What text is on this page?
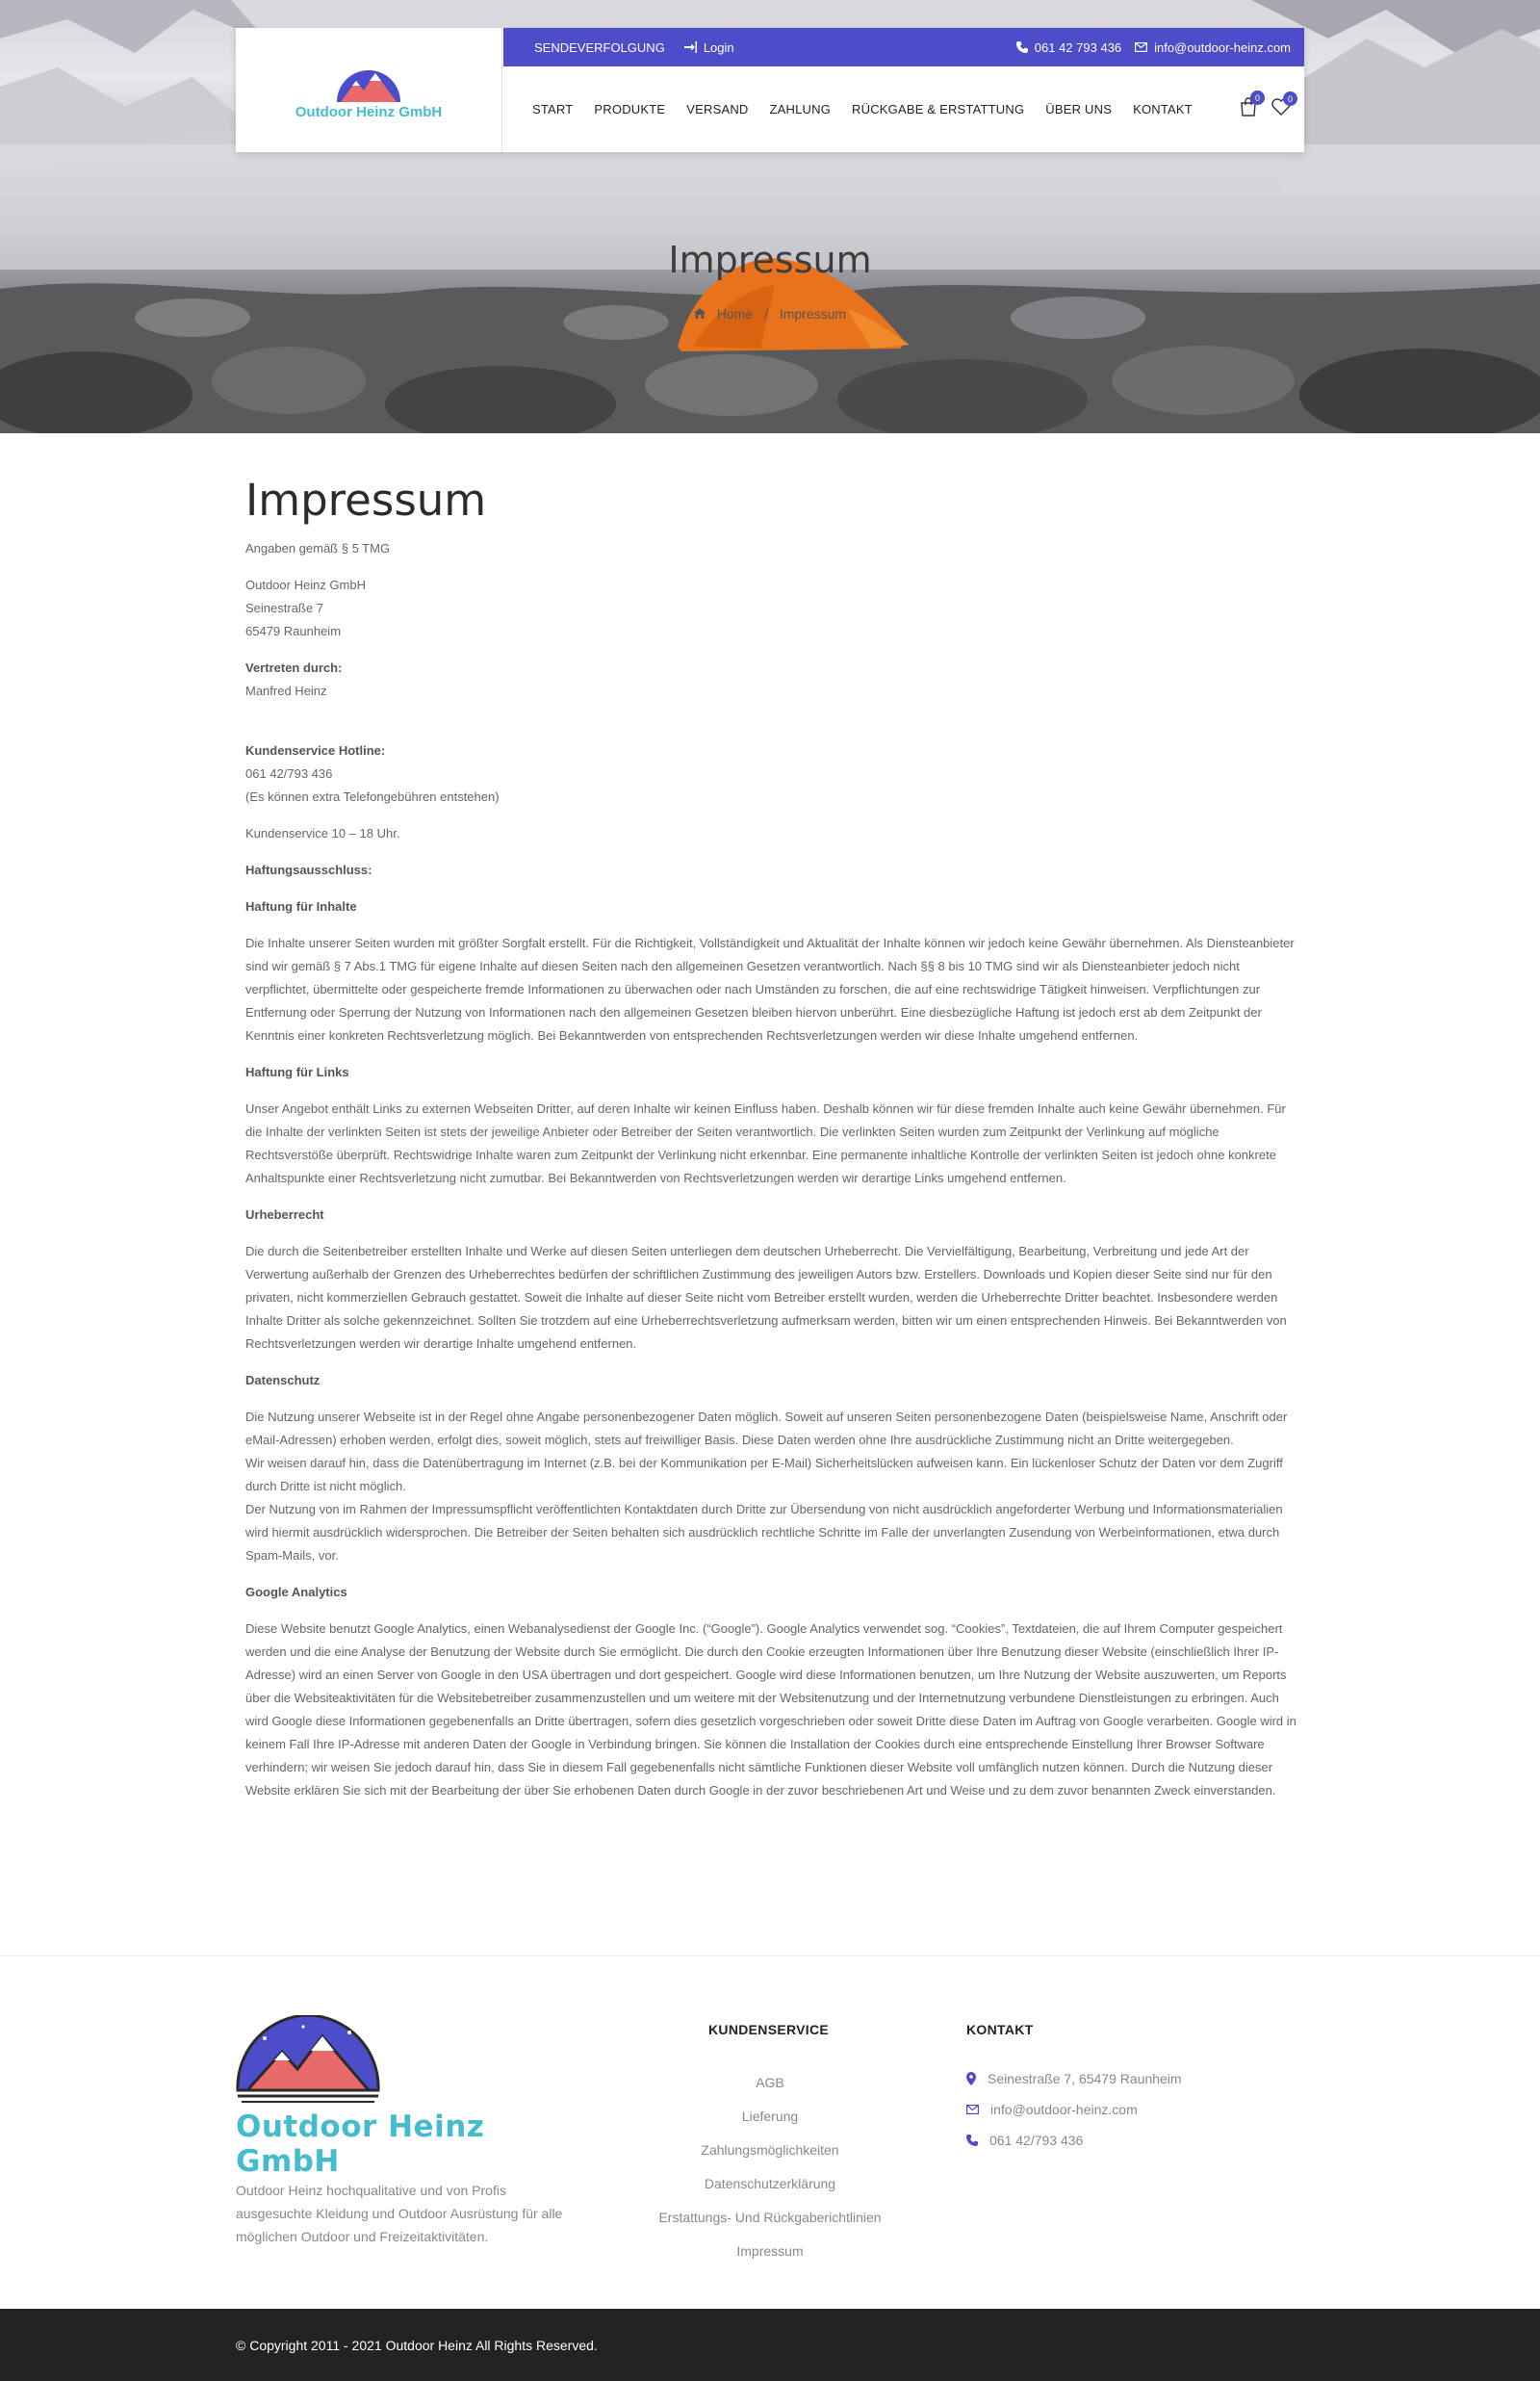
Impressum
Home / Impressum
Outdoor Heinz GmbH
SENDEVERFOLGUNG	Login	061 42 793 436	info@outdoor-heinz.com
START PRODUKTE VERSAND ZAHLUNG RÜCKGABE & ERSTATTUNG ÜBER UNS KONTAKT
0	0
Impressum

Angaben gemäß § 5 TMG

Outdoor Heinz GmbH
Seinestraße 7
65479 Raunheim

Vertreten durch:
Manfred Heinz

Kundenservice Hotline:
061 42/793 436
(Es können extra Telefongebühren entstehen)

Kundenservice 10 – 18 Uhr.

Haftungsausschluss:

Haftung für Inhalte

Die Inhalte unserer Seiten wurden mit größter Sorgfalt erstellt. Für die Richtigkeit, Vollständigkeit und Aktualität der Inhalte können wir jedoch keine Gewähr übernehmen. Als Diensteanbieter sind wir gemäß § 7 Abs.1 TMG für eigene Inhalte auf diesen Seiten nach den allgemeinen Gesetzen verantwortlich. Nach §§ 8 bis 10 TMG sind wir als Diensteanbieter jedoch nicht verpflichtet, übermittelte oder gespeicherte fremde Informationen zu überwachen oder nach Umständen zu forschen, die auf eine rechtswidrige Tätigkeit hinweisen. Verpflichtungen zur Entfernung oder Sperrung der Nutzung von Informationen nach den allgemeinen Gesetzen bleiben hiervon unberührt. Eine diesbezügliche Haftung ist jedoch erst ab dem Zeitpunkt der Kenntnis einer konkreten Rechtsverletzung möglich. Bei Bekanntwerden von entsprechenden Rechtsverletzungen werden wir diese Inhalte umgehend entfernen.

Haftung für Links

Unser Angebot enthält Links zu externen Webseiten Dritter, auf deren Inhalte wir keinen Einfluss haben. Deshalb können wir für diese fremden Inhalte auch keine Gewähr übernehmen. Für die Inhalte der verlinkten Seiten ist stets der jeweilige Anbieter oder Betreiber der Seiten verantwortlich. Die verlinkten Seiten wurden zum Zeitpunkt der Verlinkung auf mögliche Rechtsverstöße überprüft. Rechtswidrige Inhalte waren zum Zeitpunkt der Verlinkung nicht erkennbar. Eine permanente inhaltliche Kontrolle der verlinkten Seiten ist jedoch ohne konkrete Anhaltspunkte einer Rechtsverletzung nicht zumutbar. Bei Bekanntwerden von Rechtsverletzungen werden wir derartige Links umgehend entfernen.

Urheberrecht

Die durch die Seitenbetreiber erstellten Inhalte und Werke auf diesen Seiten unterliegen dem deutschen Urheberrecht. Die Vervielfältigung, Bearbeitung, Verbreitung und jede Art der Verwertung außerhalb der Grenzen des Urheberrechtes bedürfen der schriftlichen Zustimmung des jeweiligen Autors bzw. Erstellers. Downloads und Kopien dieser Seite sind nur für den privaten, nicht kommerziellen Gebrauch gestattet. Soweit die Inhalte auf dieser Seite nicht vom Betreiber erstellt wurden, werden die Urheberrechte Dritter beachtet. Insbesondere werden Inhalte Dritter als solche gekennzeichnet. Sollten Sie trotzdem auf eine Urheberrechtsverletzung aufmerksam werden, bitten wir um einen entsprechenden Hinweis. Bei Bekanntwerden von Rechtsverletzungen werden wir derartige Inhalte umgehend entfernen.

Datenschutz

Die Nutzung unserer Webseite ist in der Regel ohne Angabe personenbezogener Daten möglich. Soweit auf unseren Seiten personenbezogene Daten (beispielsweise Name, Anschrift oder eMail-Adressen) erhoben werden, erfolgt dies, soweit möglich, stets auf freiwilliger Basis. Diese Daten werden ohne Ihre ausdrückliche Zustimmung nicht an Dritte weitergegeben.
Wir weisen darauf hin, dass die Datenübertragung im Internet (z.B. bei der Kommunikation per E-Mail) Sicherheitslücken aufweisen kann. Ein lückenloser Schutz der Daten vor dem Zugriff durch Dritte ist nicht möglich.
Der Nutzung von im Rahmen der Impressumspflicht veröffentlichten Kontaktdaten durch Dritte zur Übersendung von nicht ausdrücklich angeforderter Werbung und Informationsmaterialien wird hiermit ausdrücklich widersprochen. Die Betreiber der Seiten behalten sich ausdrücklich rechtliche Schritte im Falle der unverlangten Zusendung von Werbeinformationen, etwa durch Spam-Mails, vor.

Google Analytics

Diese Website benutzt Google Analytics, einen Webanalysedienst der Google Inc. (“Google”). Google Analytics verwendet sog. “Cookies”, Textdateien, die auf Ihrem Computer gespeichert werden und die eine Analyse der Benutzung der Website durch Sie ermöglicht. Die durch den Cookie erzeugten Informationen über Ihre Benutzung dieser Website (einschließlich Ihrer IP-Adresse) wird an einen Server von Google in den USA übertragen und dort gespeichert. Google wird diese Informationen benutzen, um Ihre Nutzung der Website auszuwerten, um Reports über die Websiteaktivitäten für die Websitebetreiber zusammenzustellen und um weitere mit der Websitenutzung und der Internetnutzung verbundene Dienstleistungen zu erbringen. Auch wird Google diese Informationen gegebenenfalls an Dritte übertragen, sofern dies gesetzlich vorgeschrieben oder soweit Dritte diese Daten im Auftrag von Google verarbeiten. Google wird in keinem Fall Ihre IP-Adresse mit anderen Daten der Google in Verbindung bringen. Sie können die Installation der Cookies durch eine entsprechende Einstellung Ihrer Browser Software verhindern; wir weisen Sie jedoch darauf hin, dass Sie in diesem Fall gegebenenfalls nicht sämtliche Funktionen dieser Website voll umfänglich nutzen können. Durch die Nutzung dieser Website erklären Sie sich mit der Bearbeitung der über Sie erhobenen Daten durch Google in der zuvor beschriebenen Art und Weise und zu dem zuvor benannten Zweck einverstanden.

Outdoor Heinz GmbH
Outdoor Heinz hochqualitative und von Profis ausgesuchte Kleidung und Outdoor Ausrüstung für alle möglichen Outdoor und Freizeitaktivitäten.
KUNDENSERVICE
AGB
Lieferung
Zahlungsmöglichkeiten
Datenschutzerklärung
Erstattungs- Und Rückgaberichtlinien
Impressum
KONTAKT
Seinestraße 7, 65479 Raunheim
info@outdoor-heinz.com
061 42/793 436
© Copyright 2011 - 2021 Outdoor Heinz All Rights Reserved.
